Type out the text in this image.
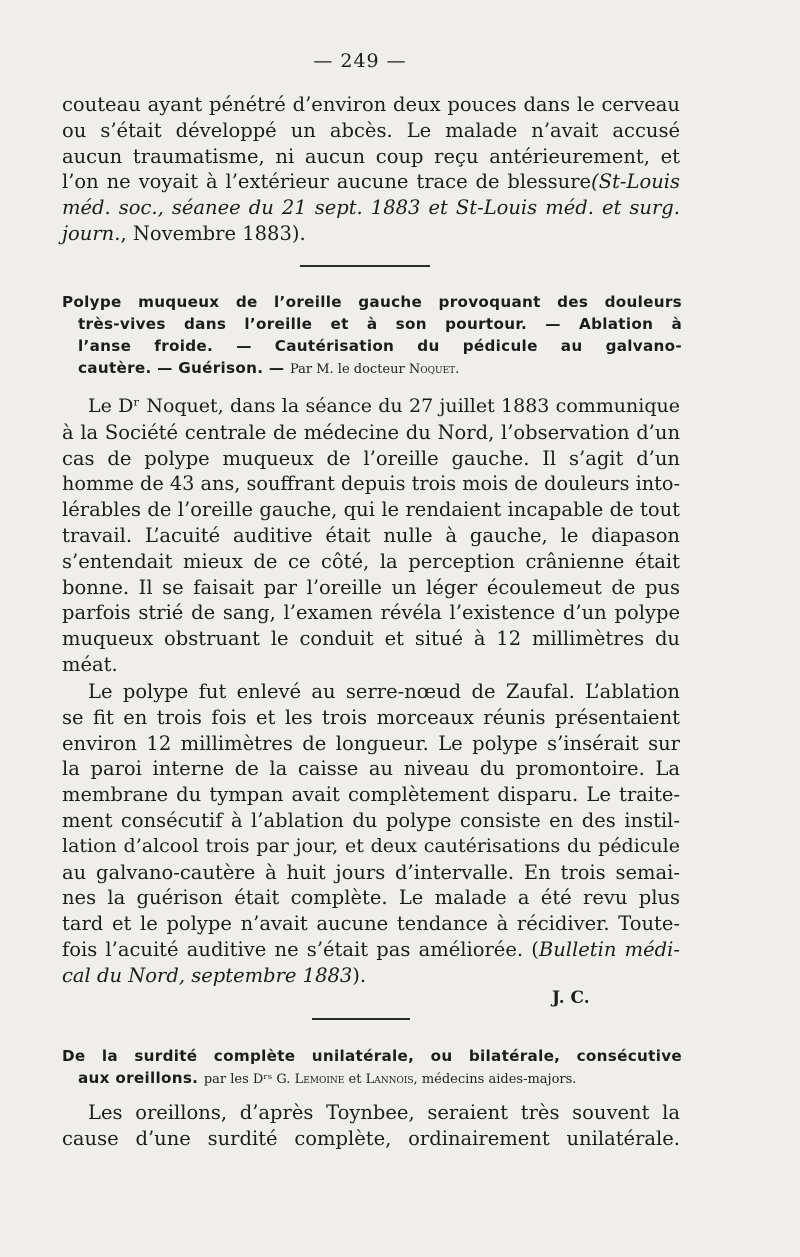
— 249 —
couteau ayant pénétré d’environ deux pouces dans le cerveau
ou s’était développé un abcès. Le malade n’avait accusé
aucun traumatisme, ni aucun coup reçu antérieurement, et
l’on ne voyait à l’extérieur aucune trace de blessure(St-Louis
méd. soc., séanee du 21 sept. 1883 et St-Louis méd. et surg.
journ., Novembre 1883).
Polype muqueux de l’oreille gauche provoquant des douleurs
très-vives dans l’oreille et à son pourtour. — Ablation à
l’anse froide. — Cautérisation du pédicule au galvano-
cautère. — Guérison. — Par M. le docteur Noquet.
Le Dʳ Noquet, dans la séance du 27 juillet 1883 communique
à la Société centrale de médecine du Nord, l’observation d’un
cas de polype muqueux de l’oreille gauche. Il s’agit d’un
homme de 43 ans, souffrant depuis trois mois de douleurs into-
lérables de l’oreille gauche, qui le rendaient incapable de tout
travail. L’acuité auditive était nulle à gauche, le diapason
s’entendait mieux de ce côté, la perception crânienne était
bonne. Il se faisait par l’oreille un léger écoulemeut de pus
parfois strié de sang, l’examen révéla l’existence d’un polype
muqueux obstruant le conduit et situé à 12 millimètres du
méat.
Le polype fut enlevé au serre-nœud de Zaufal. L’ablation
se fit en trois fois et les trois morceaux réunis présentaient
environ 12 millimètres de longueur. Le polype s’insérait sur
la paroi interne de la caisse au niveau du promontoire. La
membrane du tympan avait complètement disparu. Le traite-
ment consécutif à l’ablation du polype consiste en des instil-
lation d’alcool trois par jour, et deux cautérisations du pédicule
au galvano-cautère à huit jours d’intervalle. En trois semai-
nes la guérison était complète. Le malade a été revu plus
tard et le polype n’avait aucune tendance à récidiver. Toute-
fois l’acuité auditive ne s’était pas améliorée. (Bulletin médi-
cal du Nord, septembre 1883).
J. C.
De la surdité complète unilatérale, ou bilatérale, consécutive
aux oreillons. par les Dʳˢ G. Lemoine et Lannois, médecins aides-majors.
Les oreillons, d’après Toynbee, seraient très souvent la
cause d’une surdité complète, ordinairement unilatérale.
